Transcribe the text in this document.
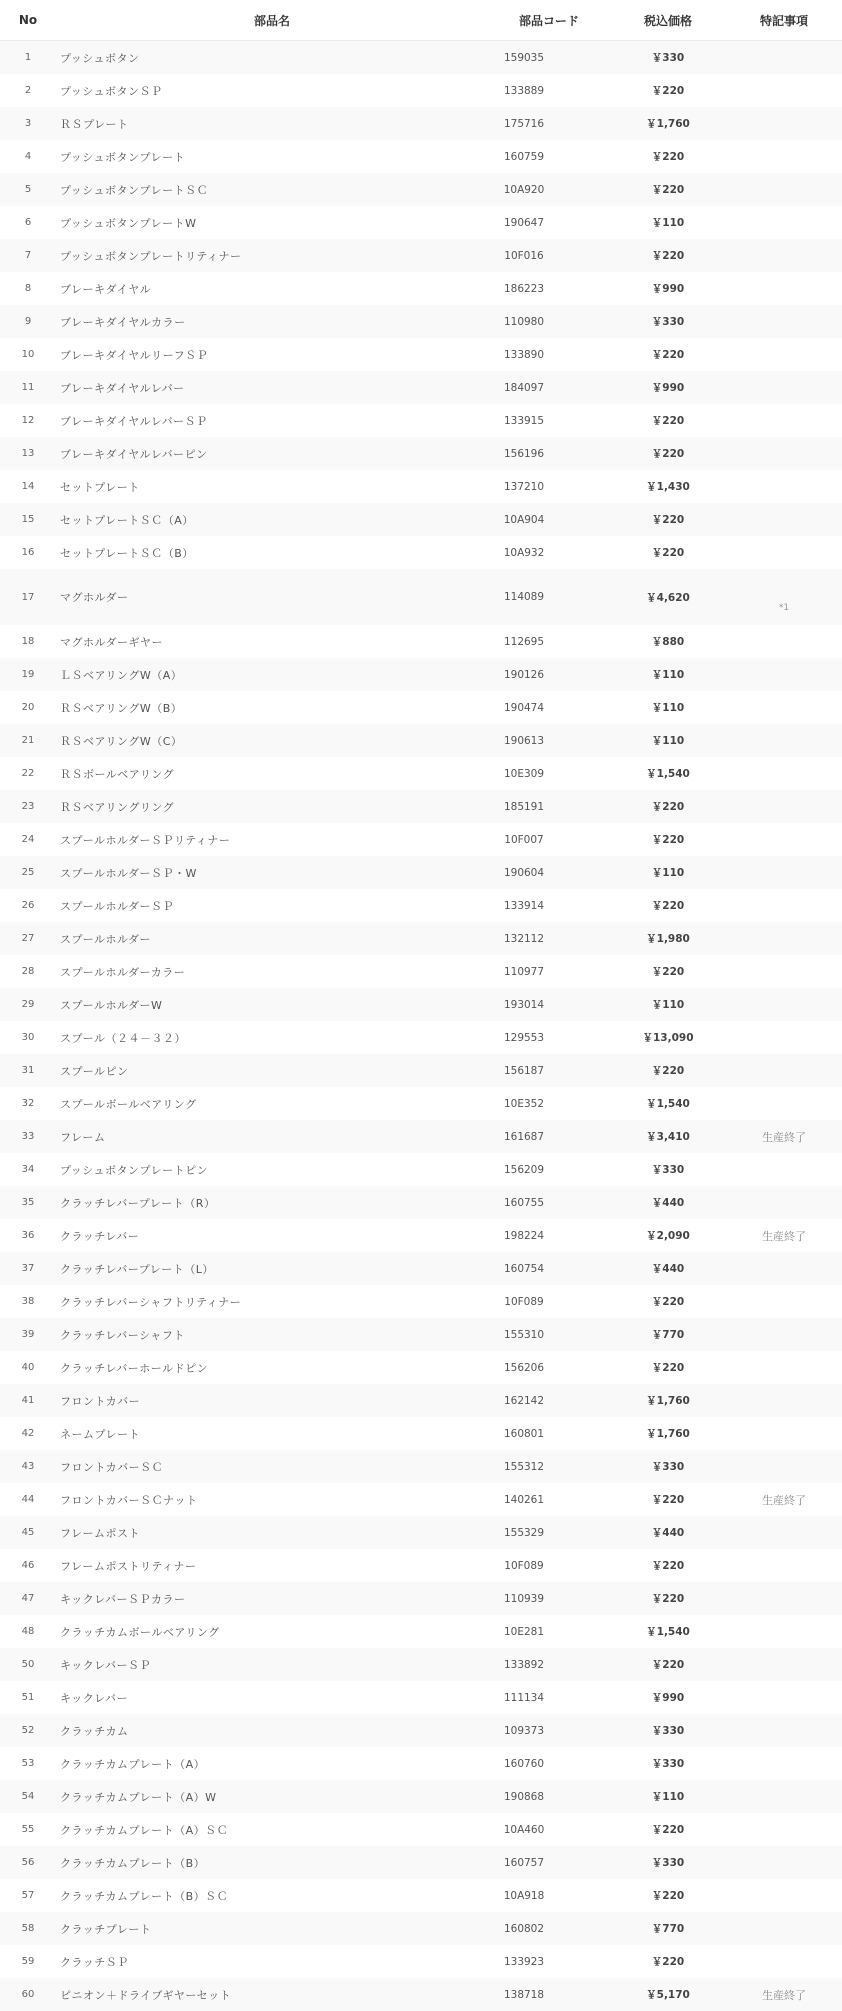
No	部品名	部品コード	税込価格	特記事項
1	プッシュボタン	159035	￥330	
2	プッシュボタンＳＰ	133889	￥220	
3	ＲＳプレート	175716	￥1,760	
4	プッシュボタンプレート	160759	￥220	
5	プッシュボタンプレートＳＣ	10A920	￥220	
6	プッシュボタンプレートW	190647	￥110	
7	プッシュボタンプレートリティナー	10F016	￥220	
8	ブレーキダイヤル	186223	￥990	
9	ブレーキダイヤルカラー	110980	￥330	
10	ブレーキダイヤルリーフＳＰ	133890	￥220	
11	ブレーキダイヤルレバー	184097	￥990	
12	ブレーキダイヤルレバーＳＰ	133915	￥220	
13	ブレーキダイヤルレバーピン	156196	￥220	
14	セットプレート	137210	￥1,430	
15	セットプレートＳＣ（A）	10A904	￥220	
16	セットプレートＳＣ（B）	10A932	￥220	
17	マグホルダー	114089	￥4,620	*1
18	マグホルダーギヤー	112695	￥880	
19	ＬＳベアリングW（A）	190126	￥110	
20	ＲＳベアリングW（B）	190474	￥110	
21	ＲＳベアリングW（C）	190613	￥110	
22	ＲＳボールベアリング	10E309	￥1,540	
23	ＲＳベアリングリング	185191	￥220	
24	スプールホルダーＳＰリティナー	10F007	￥220	
25	スプールホルダーＳＰ・W	190604	￥110	
26	スプールホルダーＳＰ	133914	￥220	
27	スプールホルダー	132112	￥1,980	
28	スプールホルダーカラー	110977	￥220	
29	スプールホルダーW	193014	￥110	
30	スプール（２４－３２）	129553	￥13,090	
31	スプールピン	156187	￥220	
32	スプールボールベアリング	10E352	￥1,540	
33	フレーム	161687	￥3,410	生産終了
34	プッシュボタンプレートピン	156209	￥330	
35	クラッチレバープレート（R）	160755	￥440	
36	クラッチレバー	198224	￥2,090	生産終了
37	クラッチレバープレート（L）	160754	￥440	
38	クラッチレバーシャフトリティナー	10F089	￥220	
39	クラッチレバーシャフト	155310	￥770	
40	クラッチレバーホールドピン	156206	￥220	
41	フロントカバー	162142	￥1,760	
42	ネームプレート	160801	￥1,760	
43	フロントカバーＳＣ	155312	￥330	
44	フロントカバーＳＣナット	140261	￥220	生産終了
45	フレームポスト	155329	￥440	
46	フレームポストリティナー	10F089	￥220	
47	キックレバーＳＰカラー	110939	￥220	
48	クラッチカムボールベアリング	10E281	￥1,540	
50	キックレバーＳＰ	133892	￥220	
51	キックレバー	111134	￥990	
52	クラッチカム	109373	￥330	
53	クラッチカムプレート（A）	160760	￥330	
54	クラッチカムプレート（A）W	190868	￥110	
55	クラッチカムプレート（A）ＳＣ	10A460	￥220	
56	クラッチカムプレート（B）	160757	￥330	
57	クラッチカムプレート（B）ＳＣ	10A918	￥220	
58	クラッチプレート	160802	￥770	
59	クラッチＳＰ	133923	￥220	
60	ピニオン＋ドライブギヤーセット	138718	￥5,170	生産終了
